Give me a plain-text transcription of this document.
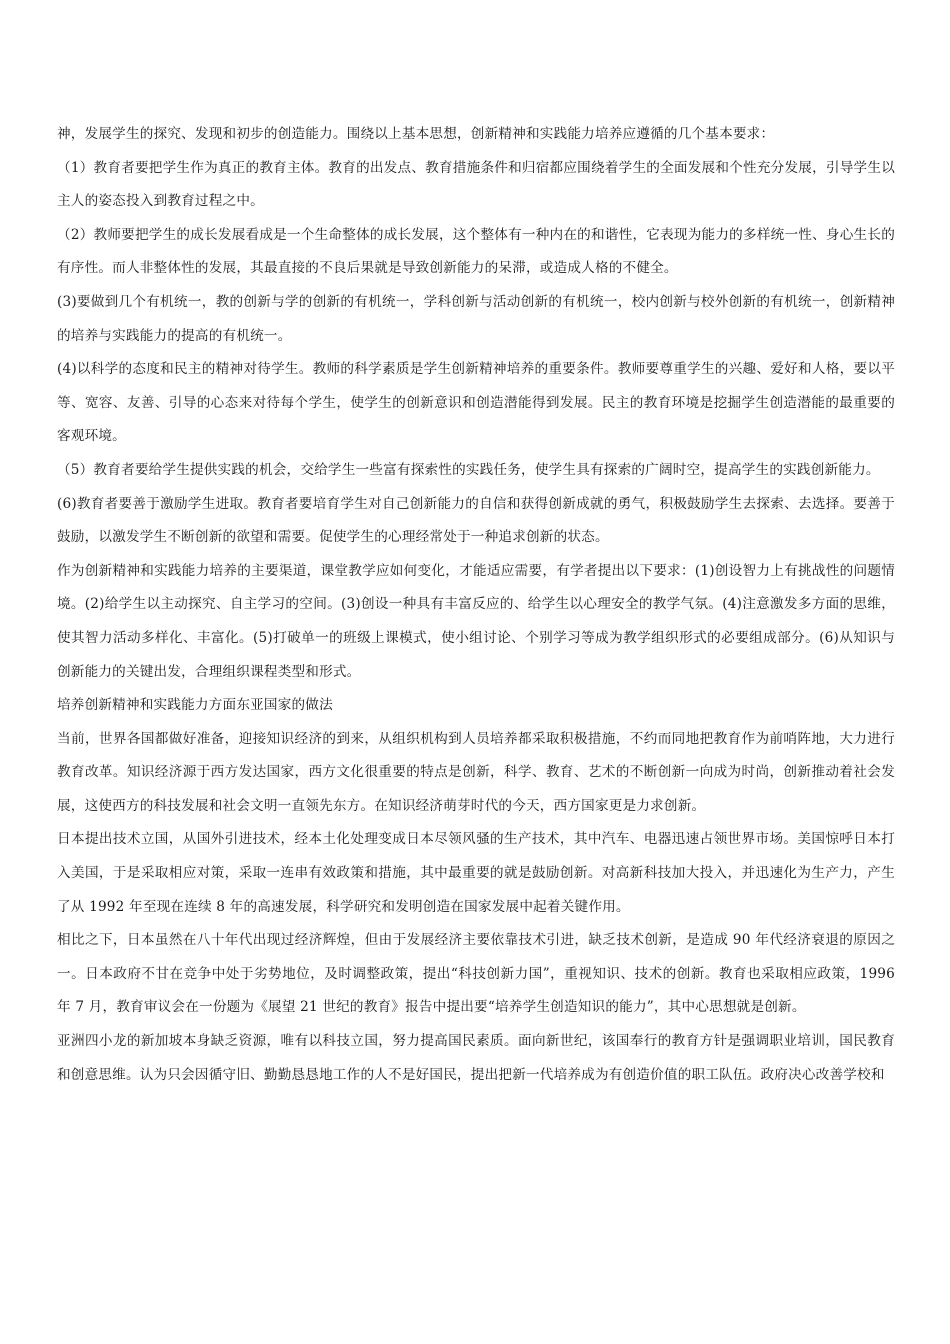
神，发展学生的探究、发现和初步的创造能力。围绕以上基本思想，创新精神和实践能力培养应遵循的几个基本要求：

（1）教育者要把学生作为真正的教育主体。教育的出发点、教育措施条件和归宿都应围绕着学生的全面发展和个性充分发展，引导学生以主人的姿态投入到教育过程之中。

（2）教师要把学生的成长发展看成是一个生命整体的成长发展，这个整体有一种内在的和谐性，它表现为能力的多样统一性、身心生长的有序性。而人非整体性的发展，其最直接的不良后果就是导致创新能力的呆滞，或造成人格的不健全。

(3)要做到几个有机统一，教的创新与学的创新的有机统一，学科创新与活动创新的有机统一，校内创新与校外创新的有机统一，创新精神的培养与实践能力的提高的有机统一。

(4)以科学的态度和民主的精神对待学生。教师的科学素质是学生创新精神培养的重要条件。教师要尊重学生的兴趣、爱好和人格，要以平等、宽容、友善、引导的心态来对待每个学生，使学生的创新意识和创造潜能得到发展。民主的教育环境是挖掘学生创造潜能的最重要的客观环境。

（5）教育者要给学生提供实践的机会，交给学生一些富有探索性的实践任务，使学生具有探索的广阔时空，提高学生的实践创新能力。

(6)教育者要善于激励学生进取。教育者要培育学生对自己创新能力的自信和获得创新成就的勇气，积极鼓励学生去探索、去选择。要善于鼓励，以激发学生不断创新的欲望和需要。促使学生的心理经常处于一种追求创新的状态。

作为创新精神和实践能力培养的主要渠道，课堂教学应如何变化，才能适应需要，有学者提出以下要求：(1)创设智力上有挑战性的问题情境。(2)给学生以主动探究、自主学习的空间。(3)创设一种具有丰富反应的、给学生以心理安全的教学气氛。(4)注意激发多方面的思维，使其智力活动多样化、丰富化。(5)打破单一的班级上课模式，使小组讨论、个别学习等成为教学组织形式的必要组成部分。(6)从知识与创新能力的关键出发，合理组织课程类型和形式。

培养创新精神和实践能力方面东亚国家的做法

当前，世界各国都做好准备，迎接知识经济的到来，从组织机构到人员培养都采取积极措施，不约而同地把教育作为前哨阵地，大力进行教育改革。知识经济源于西方发达国家，西方文化很重要的特点是创新，科学、教育、艺术的不断创新一向成为时尚，创新推动着社会发展，这使西方的科技发展和社会文明一直领先东方。在知识经济萌芽时代的今天，西方国家更是力求创新。

日本提出技术立国，从国外引进技术，经本土化处理变成日本尽领风骚的生产技术，其中汽车、电器迅速占领世界市场。美国惊呼日本打入美国，于是采取相应对策，采取一连串有效政策和措施，其中最重要的就是鼓励创新。对高新科技加大投入，并迅速化为生产力，产生了从 1992 年至现在连续 8 年的高速发展，科学研究和发明创造在国家发展中起着关键作用。

相比之下，日本虽然在八十年代出现过经济辉煌，但由于发展经济主要依靠技术引进，缺乏技术创新，是造成 90 年代经济衰退的原因之一。日本政府不甘在竞争中处于劣势地位，及时调整政策，提出“科技创新力国”，重视知识、技术的创新。教育也采取相应政策，1996 年 7 月，教育审议会在一份题为《展望 21 世纪的教育》报告中提出要“培养学生创造知识的能力”，其中心思想就是创新。

亚洲四小龙的新加坡本身缺乏资源，唯有以科技立国，努力提高国民素质。面向新世纪，该国奉行的教育方针是强调职业培训，国民教育和创意思维。认为只会因循守旧、勤勤恳恳地工作的人不是好国民，提出把新一代培养成为有创造价值的职工队伍。政府决心改善学校和
